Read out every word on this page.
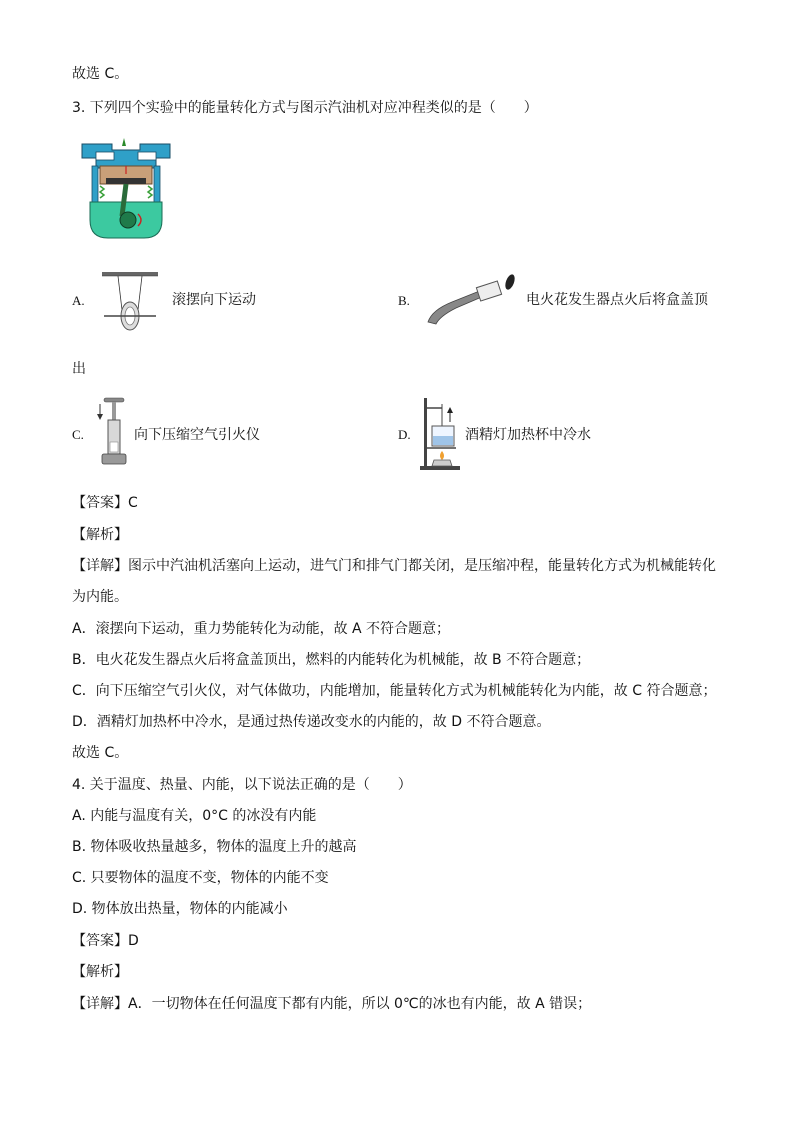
故选 C。
3. 下列四个实验中的能量转化方式与图示汽油机对应冲程类似的是（　　）
A.	滚摆向下运动	B.	电火花发生器点火后将盒盖顶
出
C.	向下压缩空气引火仪	D.	酒精灯加热杯中冷水
【答案】C
【解析】
【详解】图示中汽油机活塞向上运动，进气门和排气门都关闭，是压缩冲程，能量转化方式为机械能转化
为内能。
A．滚摆向下运动，重力势能转化为动能，故 A 不符合题意；
B．电火花发生器点火后将盒盖顶出，燃料的内能转化为机械能，故 B 不符合题意；
C．向下压缩空气引火仪，对气体做功，内能增加，能量转化方式为机械能转化为内能，故 C 符合题意；
D．酒精灯加热杯中冷水，是通过热传递改变水的内能的，故 D 不符合题意。
故选 C。
4. 关于温度、热量、内能，以下说法正确的是（　　）
A. 内能与温度有关，0°C 的冰没有内能
B. 物体吸收热量越多，物体的温度上升的越高
C. 只要物体的温度不变，物体的内能不变
D. 物体放出热量，物体的内能减小
【答案】D
【解析】
【详解】A．一切物体在任何温度下都有内能，所以 0℃的冰也有内能，故 A 错误；
